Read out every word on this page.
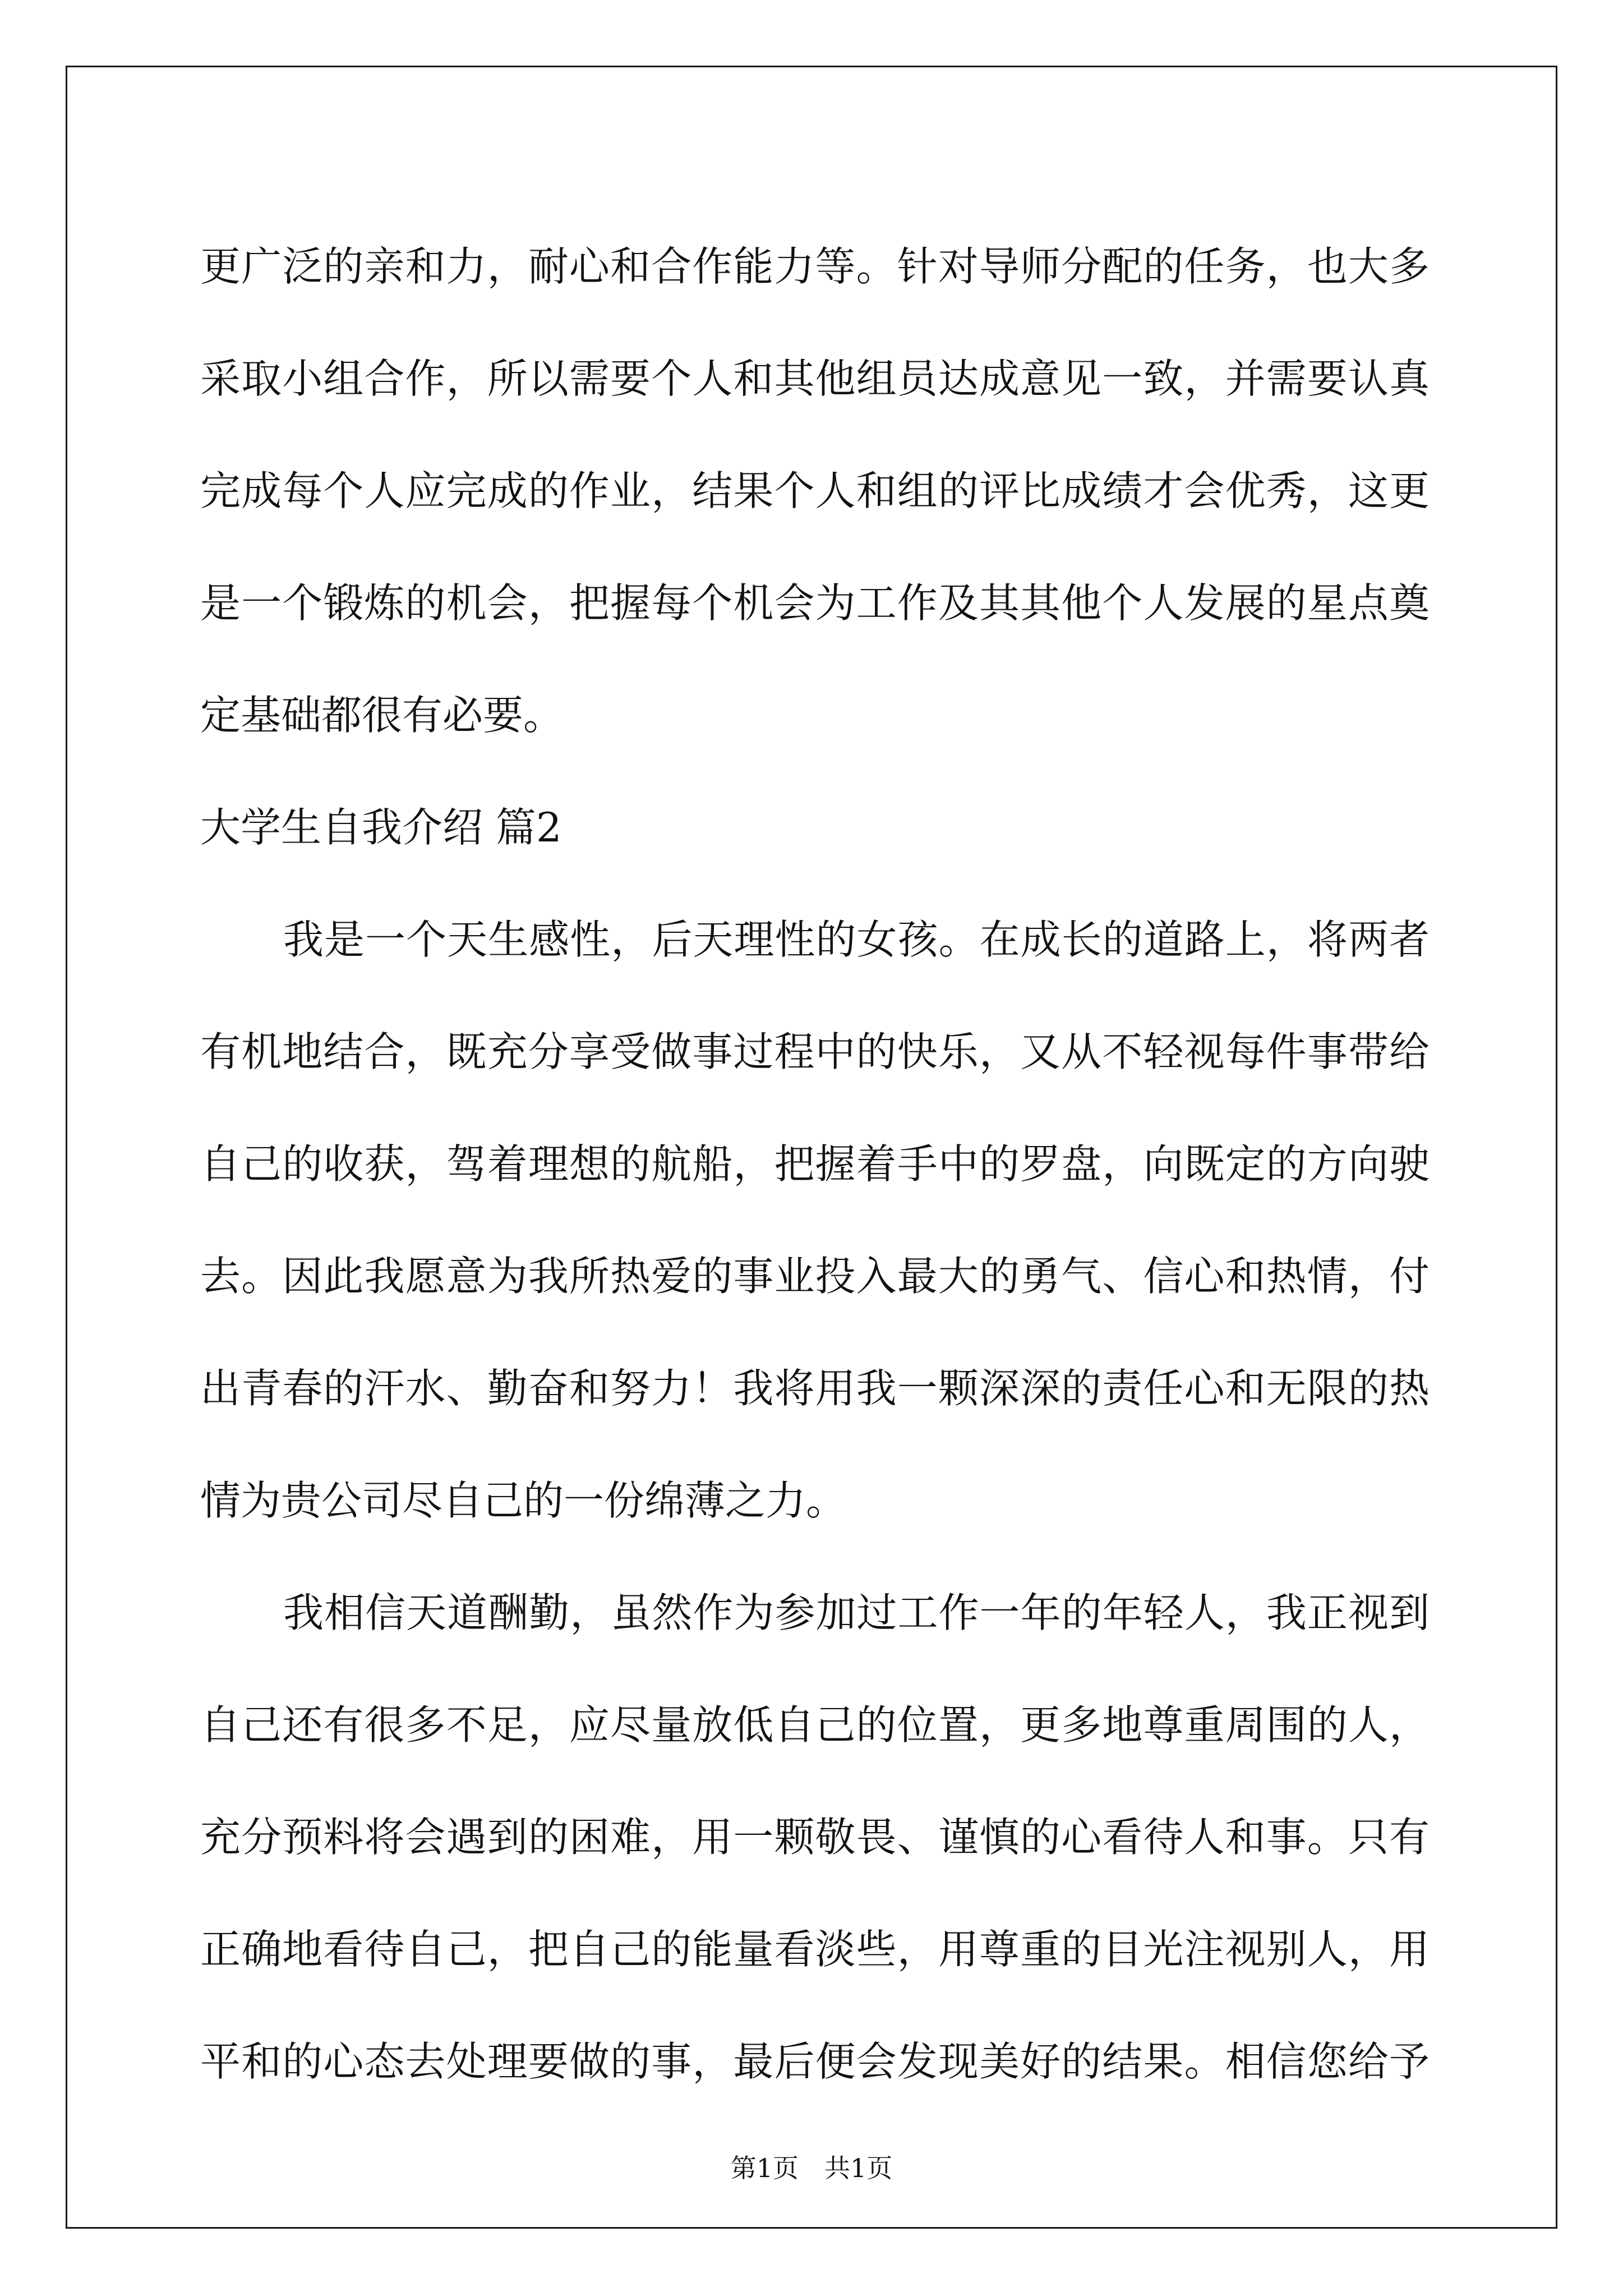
更广泛的亲和力，耐心和合作能力等。针对导师分配的任务，也大多
采取小组合作，所以需要个人和其他组员达成意见一致，并需要认真
完成每个人应完成的作业，结果个人和组的评比成绩才会优秀，这更
是一个锻炼的机会，把握每个机会为工作及其其他个人发展的星点奠
定基础都很有必要。
大学生自我介绍 篇2
我是一个天生感性，后天理性的女孩。在成长的道路上，将两者
有机地结合，既充分享受做事过程中的快乐，又从不轻视每件事带给
自己的收获，驾着理想的航船，把握着手中的罗盘，向既定的方向驶
去。因此我愿意为我所热爱的事业投入最大的勇气、信心和热情，付
出青春的汗水、勤奋和努力！我将用我一颗深深的责任心和无限的热
情为贵公司尽自己的一份绵薄之力。
我相信天道酬勤，虽然作为参加过工作一年的年轻人，我正视到
自己还有很多不足，应尽量放低自己的位置，更多地尊重周围的人，
充分预料将会遇到的困难，用一颗敬畏、谨慎的心看待人和事。只有
正确地看待自己，把自己的能量看淡些，用尊重的目光注视别人，用
平和的心态去处理要做的事，最后便会发现美好的结果。相信您给予
第1页　共1页
